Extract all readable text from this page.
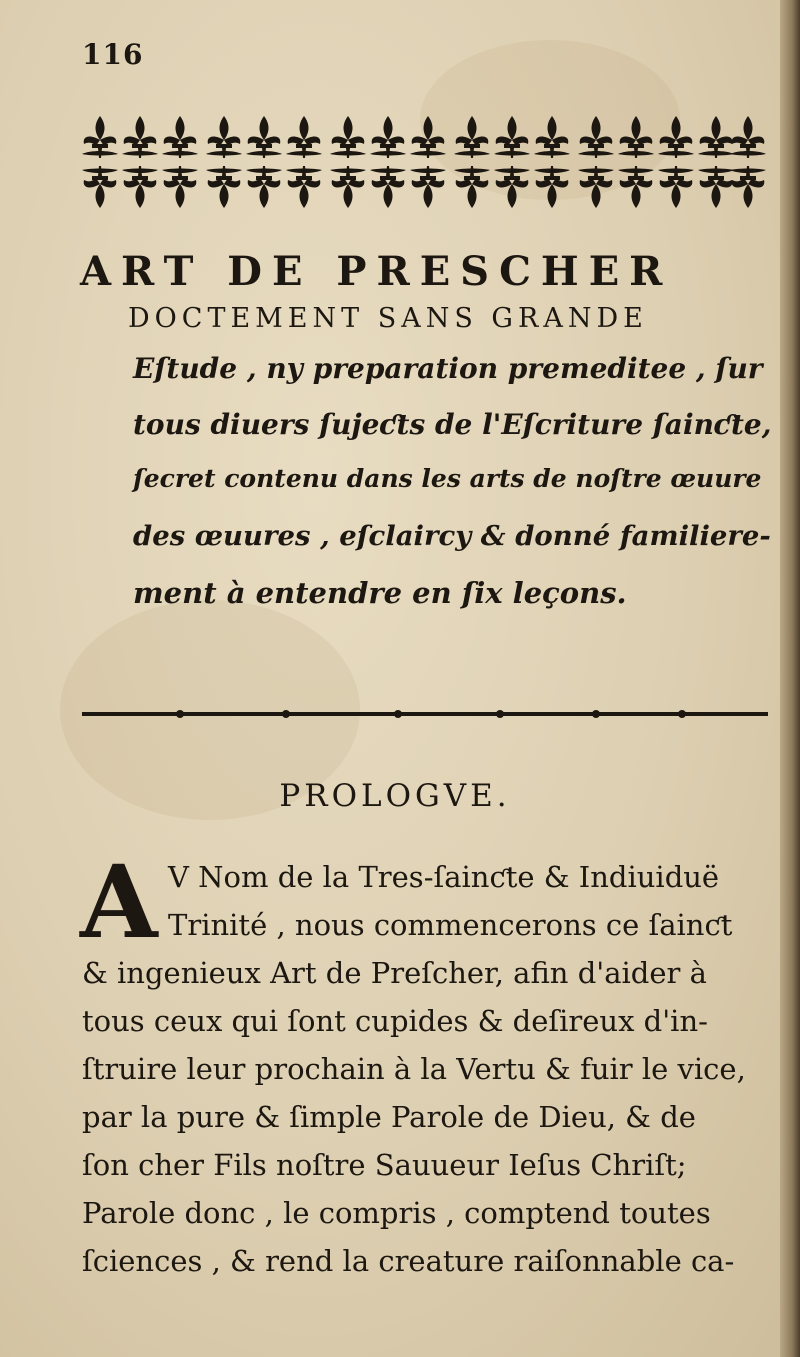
116
ART DE PRESCHER
DOCTEMENT SANS GRANDE
Eſtude , ny preparation premeditee , ſur
tous diuers ſujeƈts de l'Eſcriture ſainƈte,
ſecret contenu dans les arts de noſtre œuure
des œuures , eſclaircy & donné familiere-
ment à entendre en ſix leçons.
PROLOGVE.
A V Nom de la Tres-ſainƈte & Indiuiduë
Trinité , nous commencerons ce ſainƈt
& ingenieux Art de Preſcher, afin d'aider à
tous ceux qui ſont cupides & deſireux d'in-
ſtruire leur prochain à la Vertu & fuir le vice,
par la pure & ſimple Parole de Dieu, & de
ſon cher Fils noſtre Sauueur Ieſus Chriſt;
Parole donc , le compris , comptend toutes
ſciences , & rend la creature raiſonnable ca-
